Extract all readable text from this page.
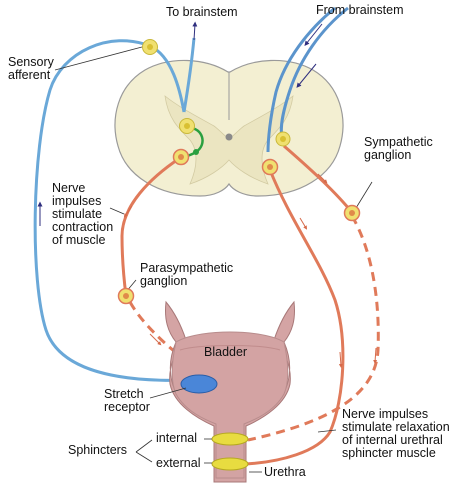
To brainstem	From brainstem
Sensory
afferent
Sympathetic
ganglion
Nerve
impulses
stimulate
contraction
of muscle
Parasympathetic
ganglion
Bladder
Stretch
receptor
Sphincters
internal
external
Urethra
Nerve impulses
stimulate relaxation
of internal urethral
sphincter muscle
